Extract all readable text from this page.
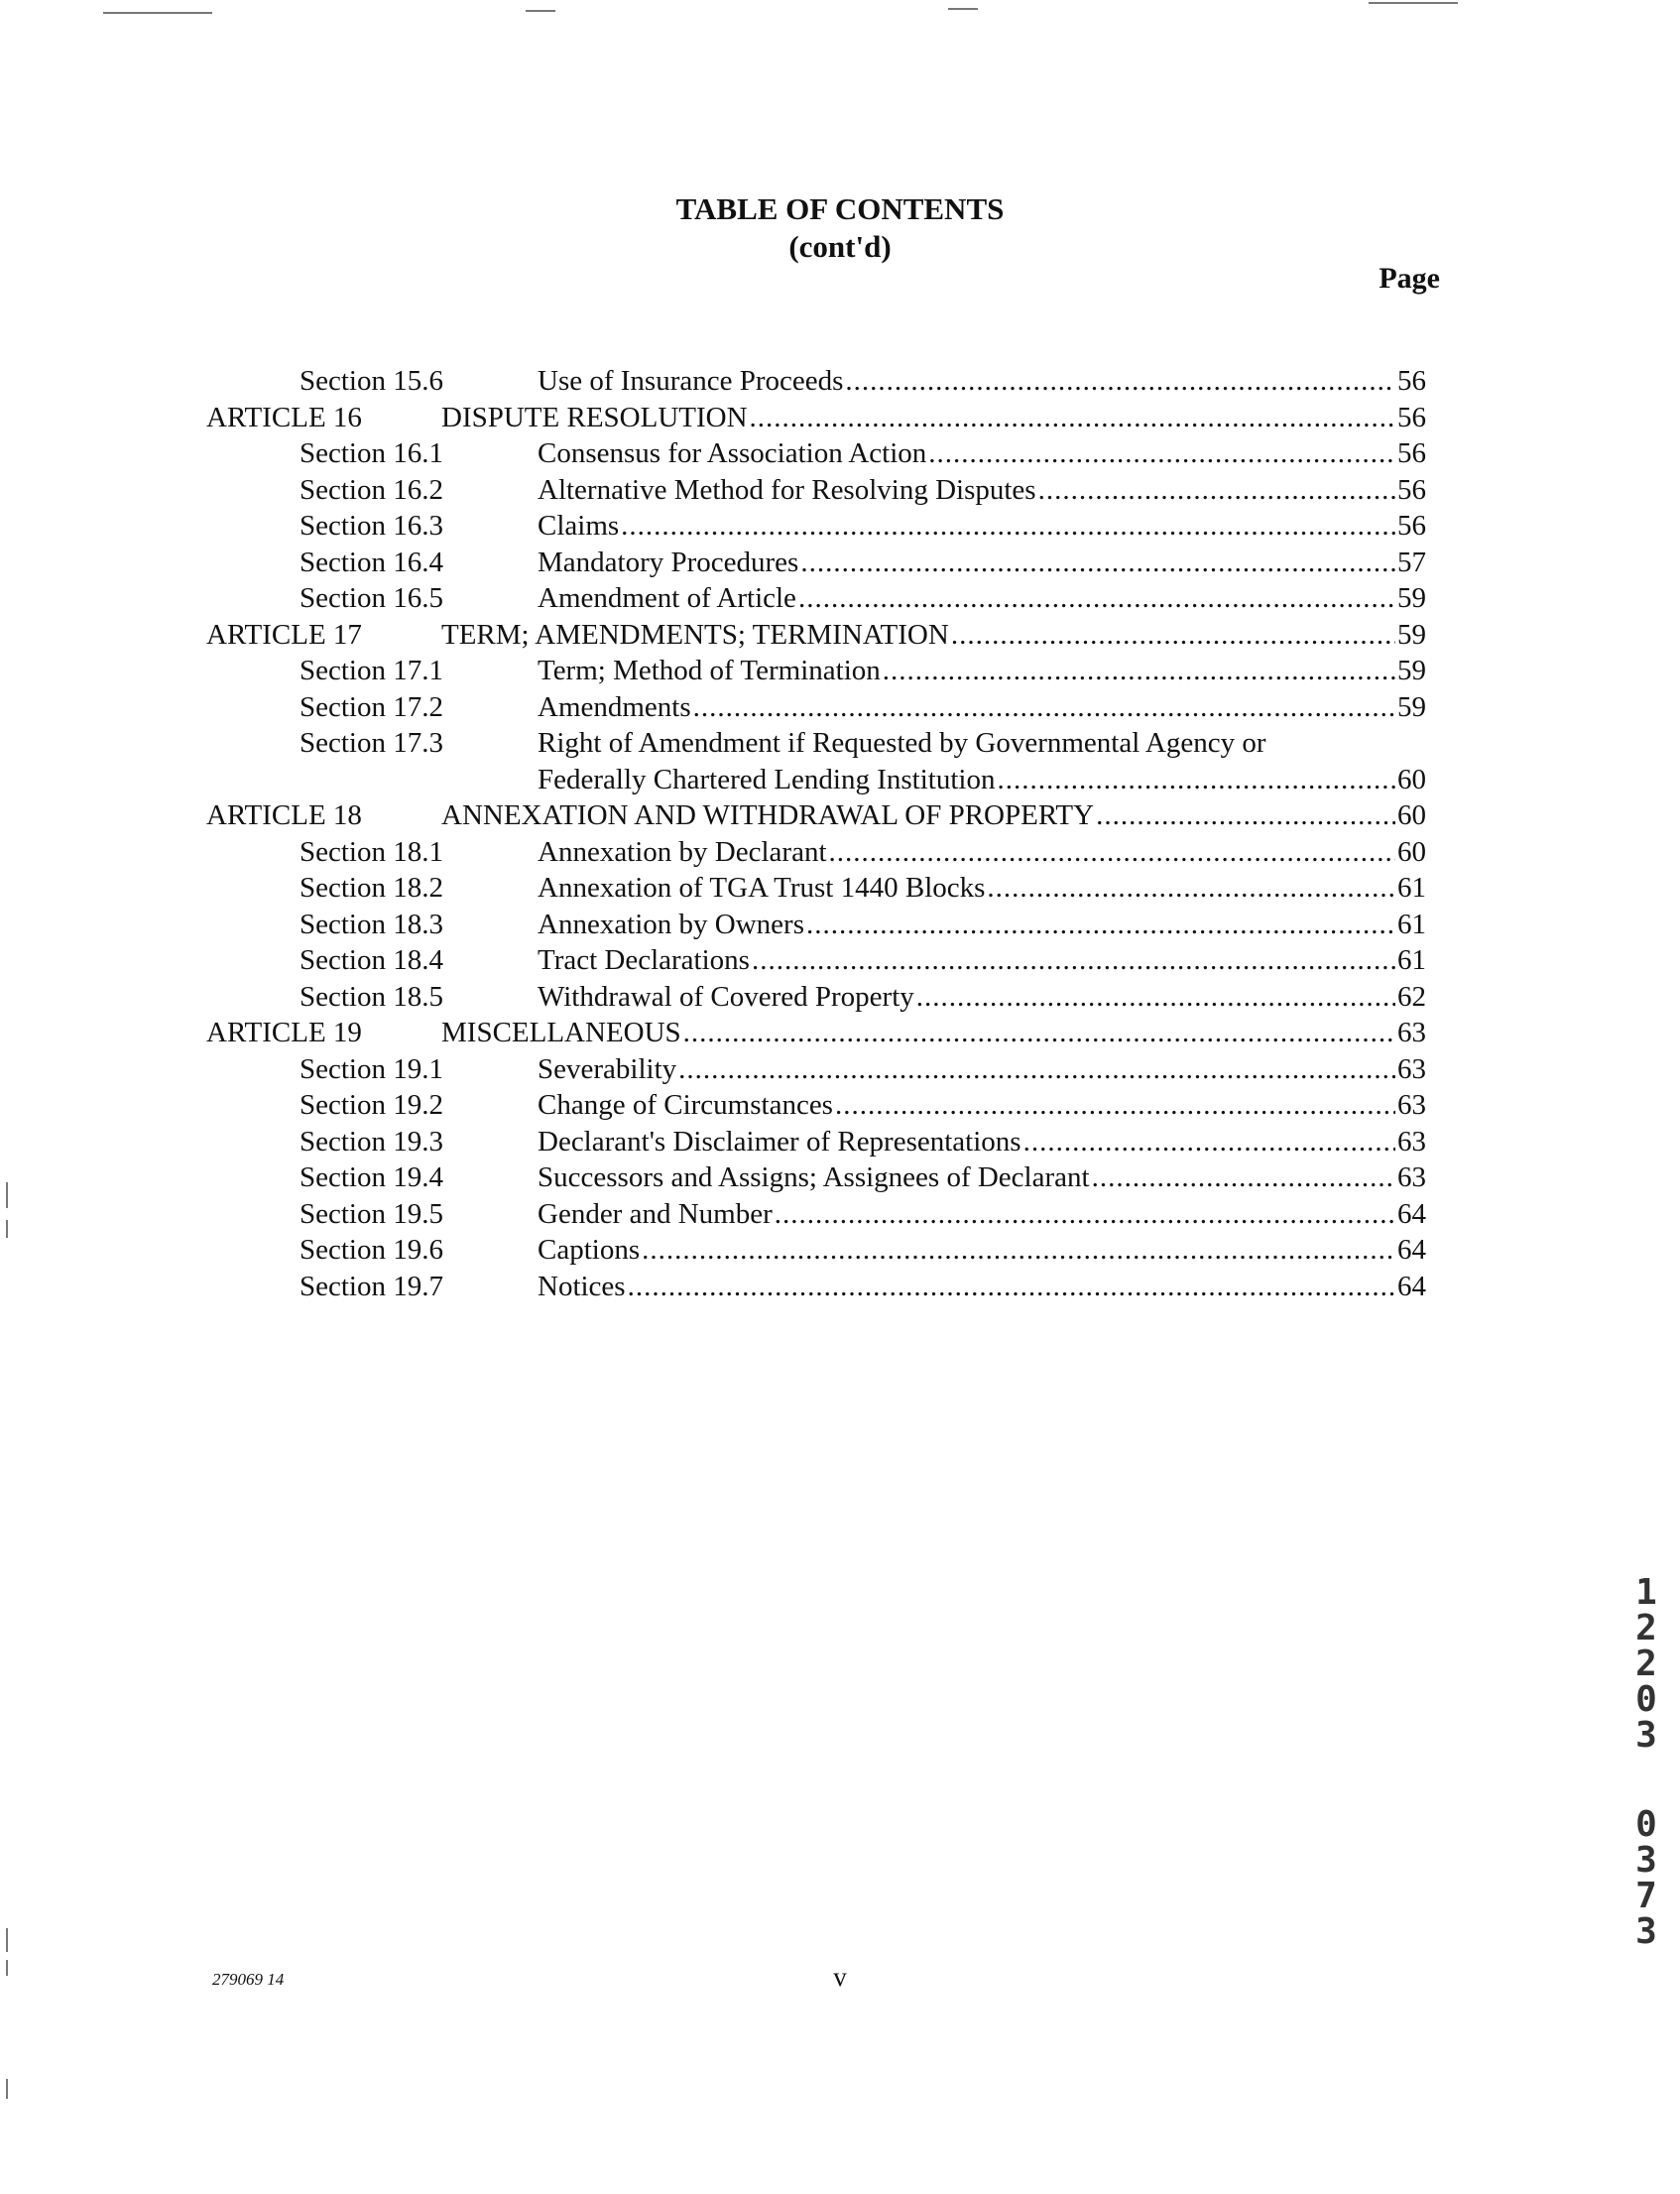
TABLE OF CONTENTS
(cont'd)
Page
Section 15.6	Use of Insurance Proceeds .....	56
ARTICLE 16	DISPUTE RESOLUTION .....	56
Section 16.1	Consensus for Association Action .....	56
Section 16.2	Alternative Method for Resolving Disputes .....	56
Section 16.3	Claims .....	56
Section 16.4	Mandatory Procedures .....	57
Section 16.5	Amendment of Article .....	59
ARTICLE 17	TERM; AMENDMENTS; TERMINATION .....	59
Section 17.1	Term; Method of Termination .....	59
Section 17.2	Amendments .....	59
Section 17.3	Right of Amendment if Requested by Governmental Agency or
Federally Chartered Lending Institution .....	60
ARTICLE 18	ANNEXATION AND WITHDRAWAL OF PROPERTY .....	60
Section 18.1	Annexation by Declarant .....	60
Section 18.2	Annexation of TGA Trust 1440 Blocks .....	61
Section 18.3	Annexation by Owners .....	61
Section 18.4	Tract Declarations .....	61
Section 18.5	Withdrawal of Covered Property .....	62
ARTICLE 19	MISCELLANEOUS .....	63
Section 19.1	Severability .....	63
Section 19.2	Change of Circumstances .....	63
Section 19.3	Declarant's Disclaimer of Representations .....	63
Section 19.4	Successors and Assigns; Assignees of Declarant .....	63
Section 19.5	Gender and Number .....	64
Section 19.6	Captions .....	64
Section 19.7	Notices .....	64
279069 14	v
1
2
2
0
3
0
3
7
3
